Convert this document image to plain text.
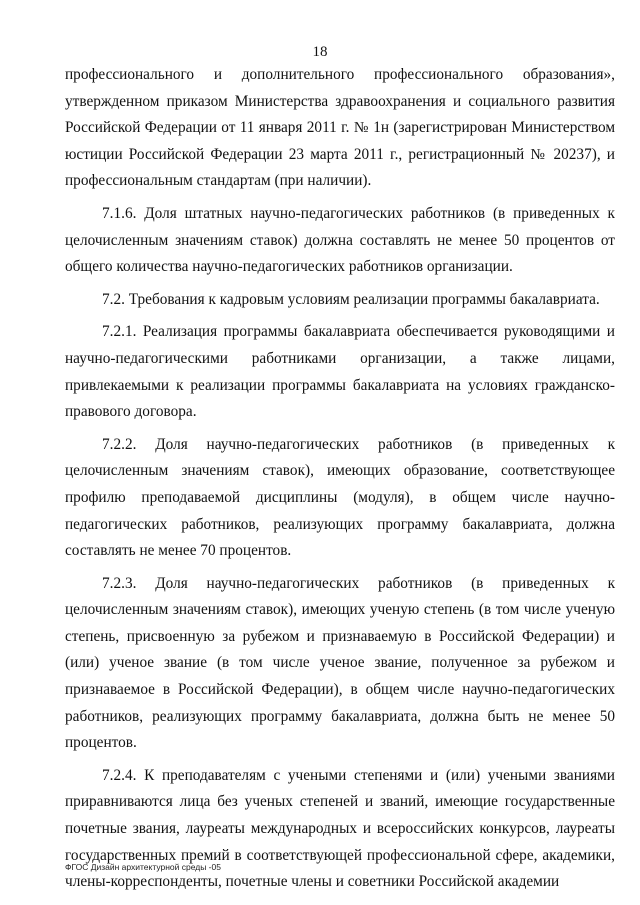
18

профессионального и дополнительного профессионального образования», утвержденном приказом Министерства здравоохранения и социального развития Российской Федерации от 11 января 2011 г. № 1н (зарегистрирован Министерством юстиции Российской Федерации 23 марта 2011 г., регистрационный № 20237), и профессиональным стандартам (при наличии).

7.1.6. Доля штатных научно-педагогических работников (в приведенных к целочисленным значениям ставок) должна составлять не менее 50 процентов от общего количества научно-педагогических работников организации.

7.2. Требования к кадровым условиям реализации программы бакалавриата.

7.2.1. Реализация программы бакалавриата обеспечивается руководящими и научно-педагогическими работниками организации, а также лицами, привлекаемыми к реализации программы бакалавриата на условиях гражданско-правового договора.

7.2.2. Доля научно-педагогических работников (в приведенных к целочисленным значениям ставок), имеющих образование, соответствующее профилю преподаваемой дисциплины (модуля), в общем числе научно-педагогических работников, реализующих программу бакалавриата, должна составлять не менее 70 процентов.

7.2.3. Доля научно-педагогических работников (в приведенных к целочисленным значениям ставок), имеющих ученую степень (в том числе ученую степень, присвоенную за рубежом и признаваемую в Российской Федерации) и (или) ученое звание (в том числе ученое звание, полученное за рубежом и признаваемое в Российской Федерации), в общем числе научно-педагогических работников, реализующих программу бакалавриата, должна быть не менее 50 процентов.

7.2.4. К преподавателям с учеными степенями и (или) учеными званиями приравниваются лица без ученых степеней и званий, имеющие государственные почетные звания, лауреаты международных и всероссийских конкурсов, лауреаты государственных премий в соответствующей профессиональной сфере, академики, члены-корреспонденты, почетные члены и советники Российской академии

ФГОС Дизайн архитектурной среды -05
